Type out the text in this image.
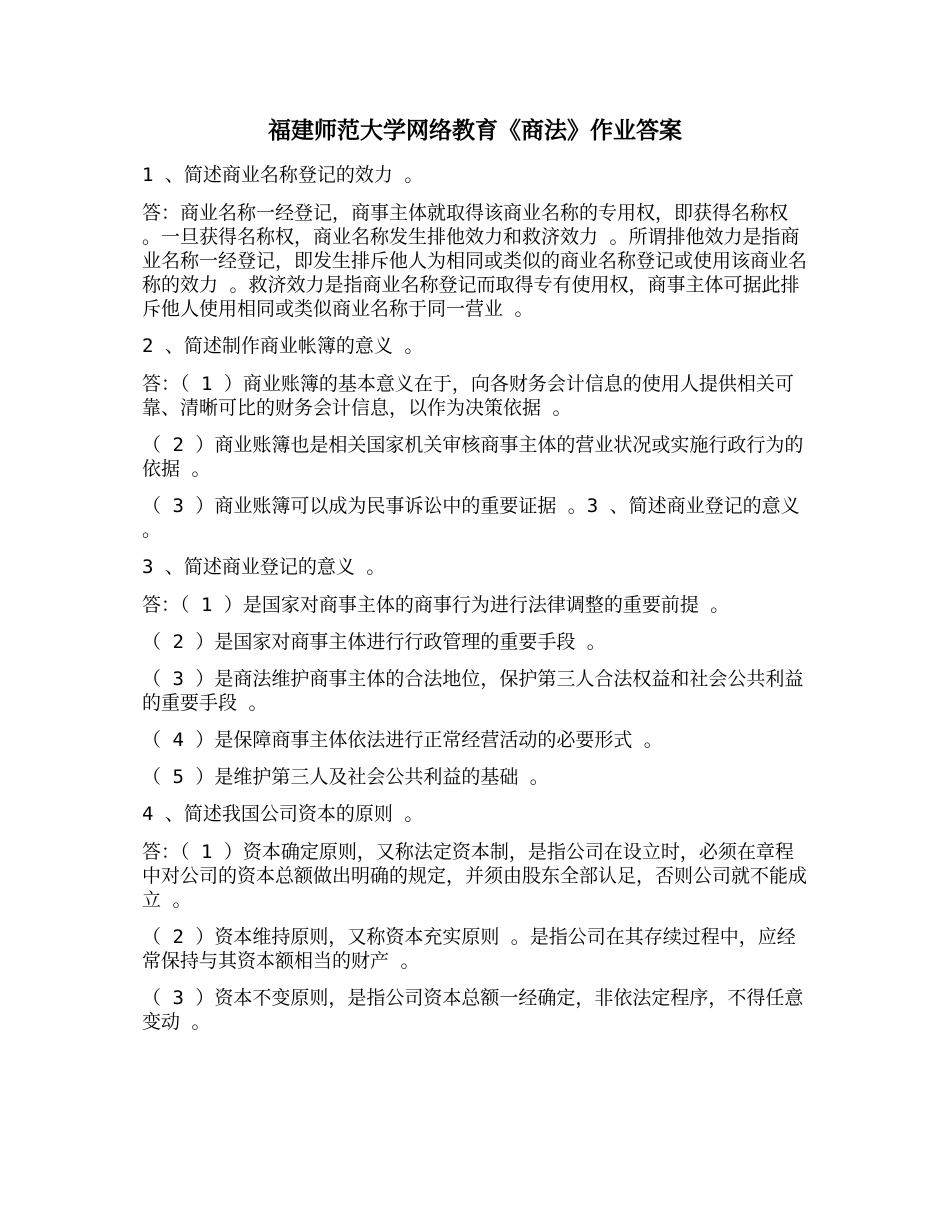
福建师范大学网络教育《商法》作业答案

1 、简述商业名称登记的效力 。

答：商业名称一经登记，商事主体就取得该商业名称的专用权，即获得名称权 。一旦获得名称权，商业名称发生排他效力和救济效力 。所谓排他效力是指商业名称一经登记，即发生排斥他人为相同或类似的商业名称登记或使用该商业名称的效力 。救济效力是指商业名称登记而取得专有使用权，商事主体可据此排斥他人使用相同或类似商业名称于同一营业 。

2 、简述制作商业帐簿的意义 。

答：（ 1 ）商业账簿的基本意义在于，向各财务会计信息的使用人提供相关可靠、清晰可比的财务会计信息，以作为决策依据 。

（ 2 ）商业账簿也是相关国家机关审核商事主体的营业状况或实施行政行为的依据 。

（ 3 ）商业账簿可以成为民事诉讼中的重要证据 。3 、简述商业登记的意义 。

3 、简述商业登记的意义 。

答：（ 1 ）是国家对商事主体的商事行为进行法律调整的重要前提 。

（ 2 ）是国家对商事主体进行行政管理的重要手段 。

（ 3 ）是商法维护商事主体的合法地位，保护第三人合法权益和社会公共利益的重要手段 。

（ 4 ）是保障商事主体依法进行正常经营活动的必要形式 。

（ 5 ）是维护第三人及社会公共利益的基础 。

4 、简述我国公司资本的原则 。

答：（ 1 ）资本确定原则，又称法定资本制，是指公司在设立时，必须在章程中对公司的资本总额做出明确的规定，并须由股东全部认足，否则公司就不能成立 。

（ 2 ）资本维持原则，又称资本充实原则 。是指公司在其存续过程中，应经常保持与其资本额相当的财产 。

（ 3 ）资本不变原则，是指公司资本总额一经确定，非依法定程序，不得任意变动 。
